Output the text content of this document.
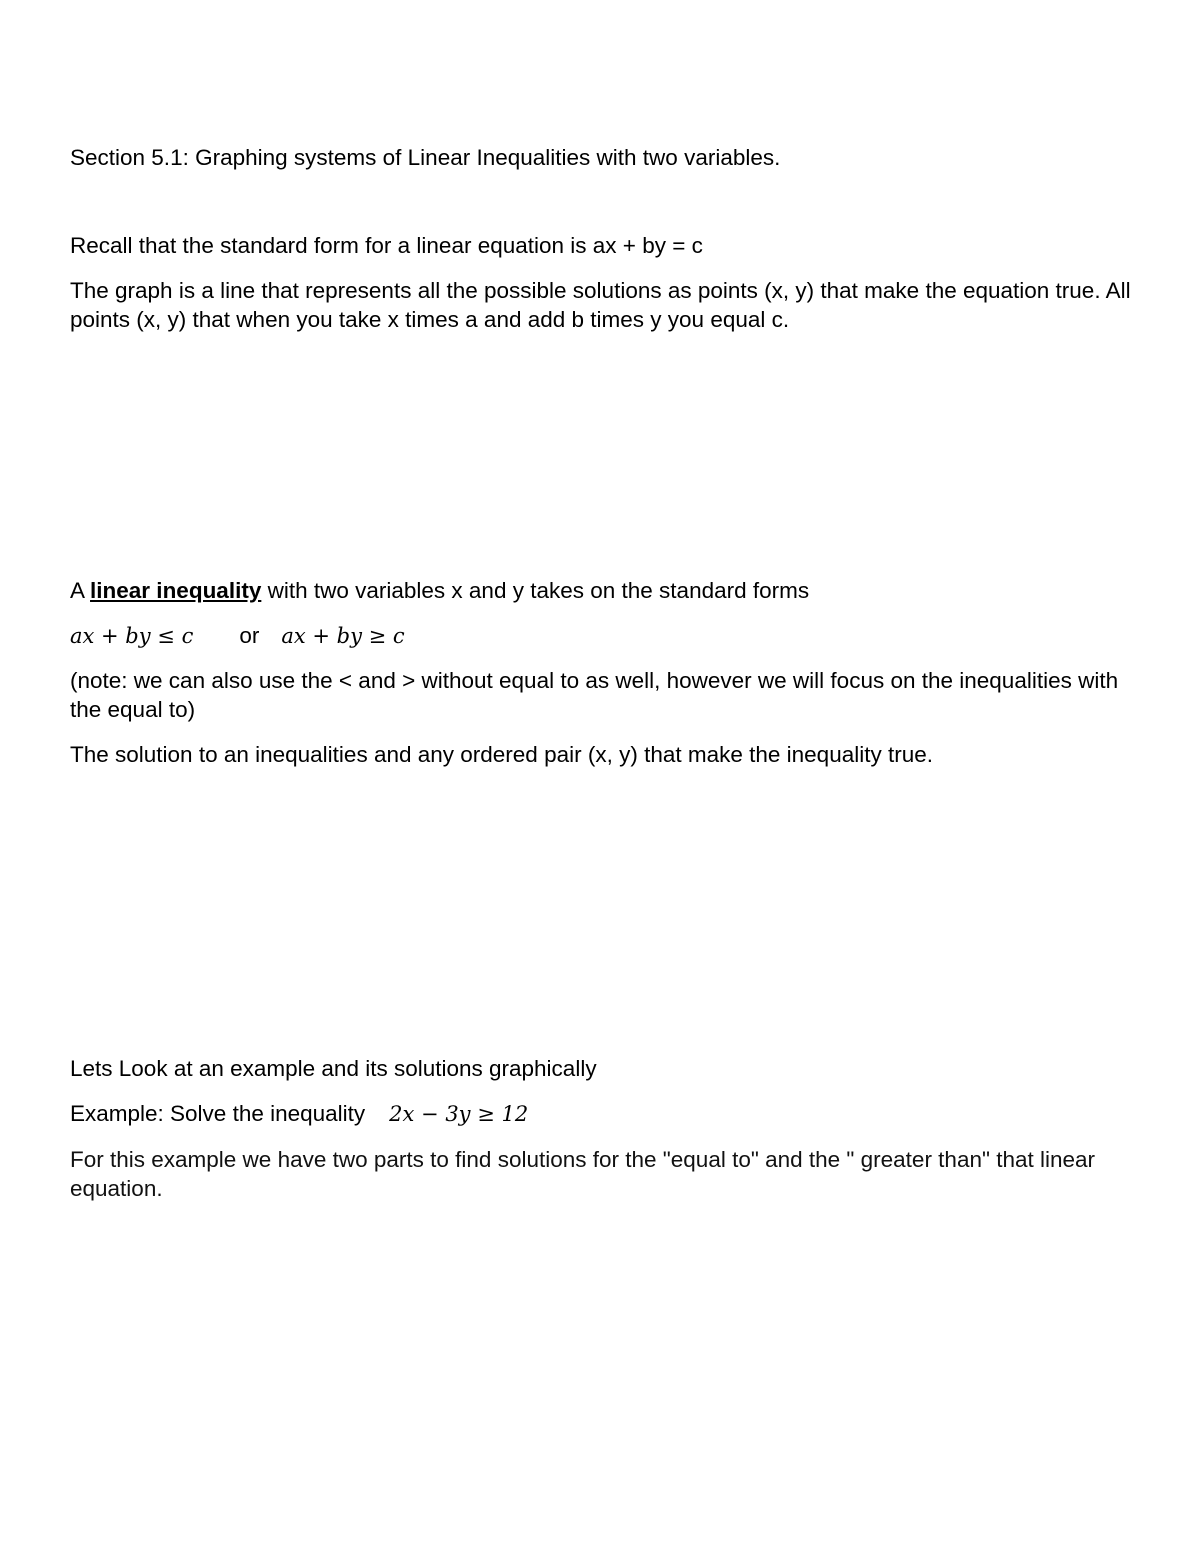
Section 5.1: Graphing systems of Linear Inequalities with two variables.
Recall that the standard form for a linear equation is ax + by = c
The graph is a line that represents all the possible solutions as points (x, y) that make the equation true. All points (x, y) that when you take x times a and add b times y you equal c.
A linear inequality with two variables x and y takes on the standard forms
ax + by ≤ c or ax + by ≥ c
(note: we can also use the < and > without equal to as well, however we will focus on the inequalities with the equal to)
The solution to an inequalities and any ordered pair (x, y) that make the inequality true.
Lets Look at an example and its solutions graphically
Example: Solve the inequality 2x − 3y ≥ 12
For this example we have two parts to find solutions for the "equal to" and the " greater than" that linear equation.
